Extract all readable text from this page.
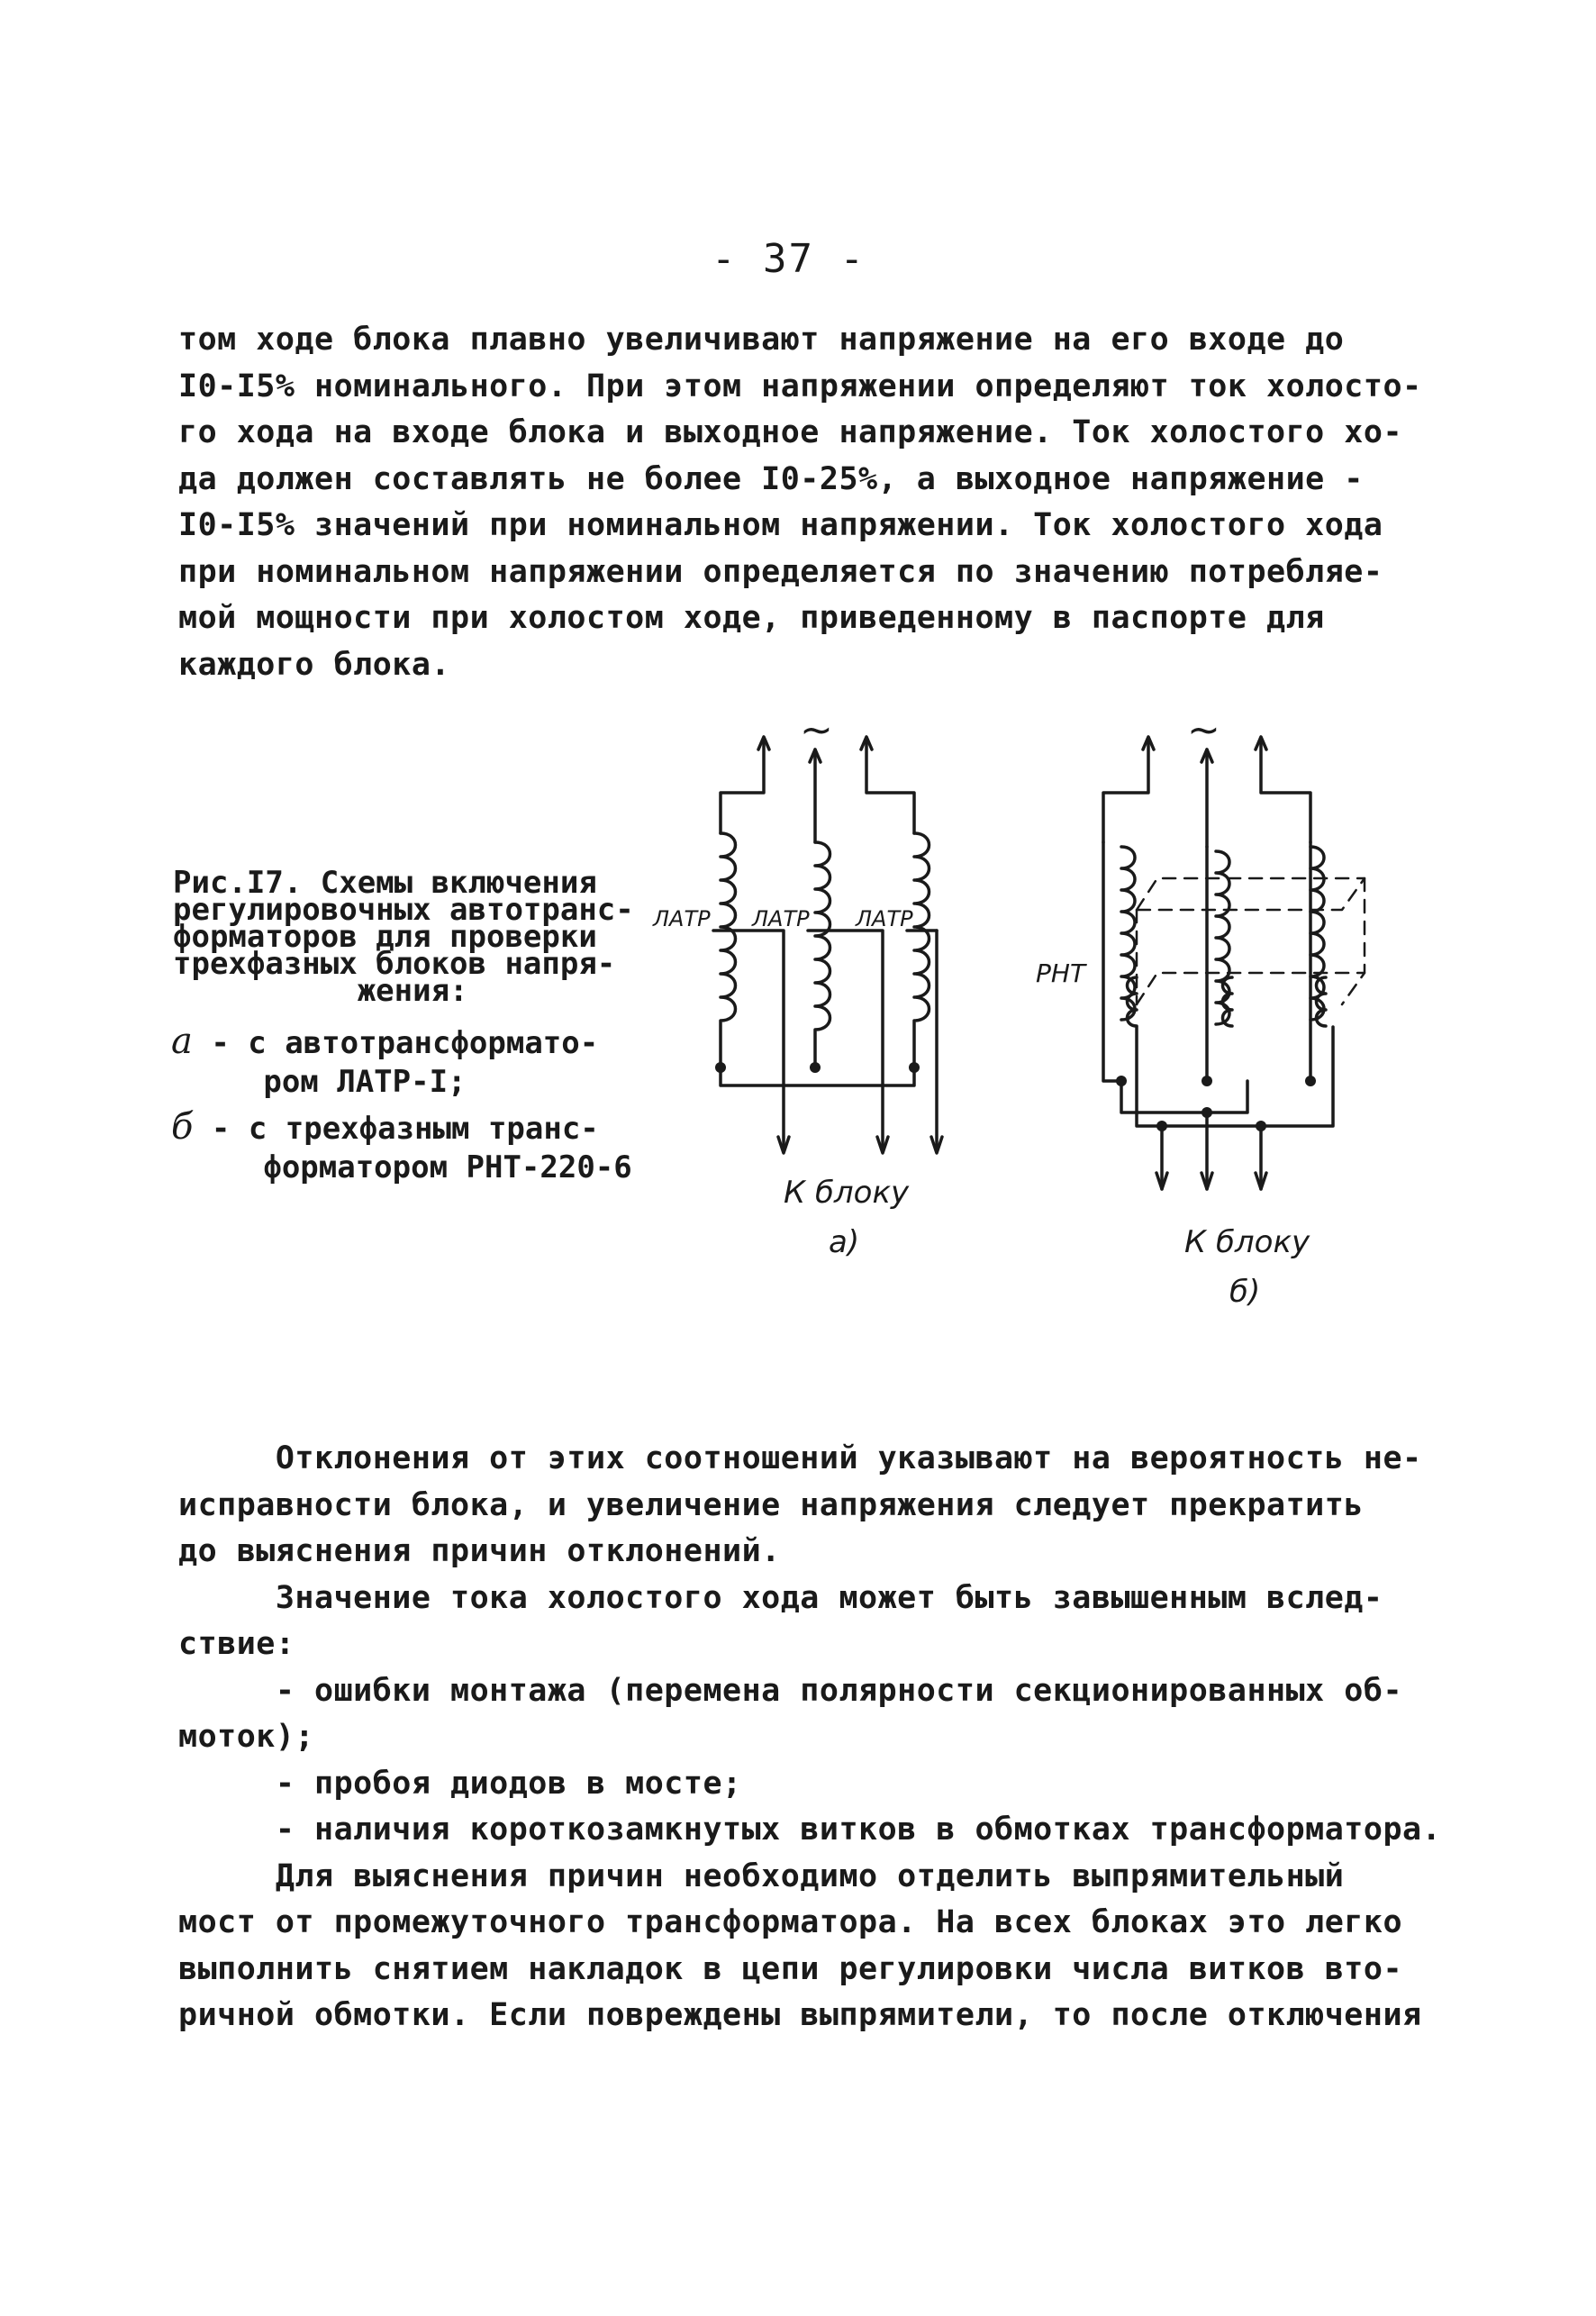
- 37 -
том ходе блока плавно увеличивают напряжение на его входе до
I0-I5% номинального. При этом напряжении определяют ток холосто-
го хода на входе блока и выходное напряжение. Ток холостого хо-
да должен составлять не более I0-25%, а выходное напряжение -
I0-I5% значений при номинальном напряжении. Ток холостого хода
при номинальном напряжении определяется по значению потребляе-
мой мощности при холостом ходе, приведенному в паспорте для
каждого блока.
Рис.I7. Схемы включения
регулировочных автотранс-
форматоров для проверки
трехфазных блоков напря-
жения:
а - с автотрансформато-
ром ЛАТР-I;
б - с трехфазным транс-
форматором РНТ-220-6
~
ЛАТР ЛАТР ЛАТР
К блоку
а)
~
РНТ
К блоку
б)
Отклонения от этих соотношений указывают на вероятность не-
исправности блока, и увеличение напряжения следует прекратить
до выяснения причин отклонений.
Значение тока холостого хода может быть завышенным вслед-
ствие:
- ошибки монтажа (перемена полярности секционированных об-
моток);
- пробоя диодов в мосте;
- наличия короткозамкнутых витков в обмотках трансформатора.
Для выяснения причин необходимо отделить выпрямительный
мост от промежуточного трансформатора. На всех блоках это легко
выполнить снятием накладок в цепи регулировки числа витков вто-
ричной обмотки. Если повреждены выпрямители, то после отключения
